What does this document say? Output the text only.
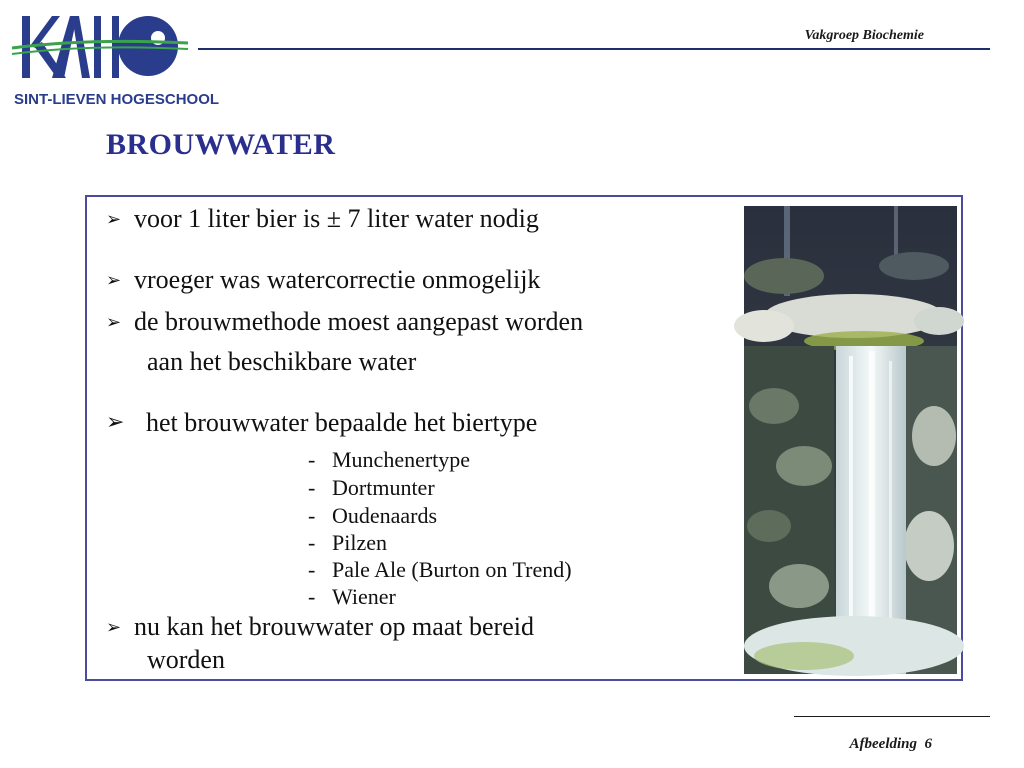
SINT-LIEVEN HOGESCHOOL
KAHO
Vakgroep Biochemie
BROUWWATER
➢ voor 1 liter bier is ± 7 liter water nodig
➢ vroeger was watercorrectie onmogelijk
➢ de brouwmethode moest aangepast worden
aan het beschikbare water
➢ het brouwwater bepaalde het biertype
- Munchenertype
- Dortmunter
- Oudenaards
- Pilzen
- Pale Ale (Burton on Trend)
- Wiener
➢ nu kan het brouwwater op maat bereid
worden
Afbeelding 6
